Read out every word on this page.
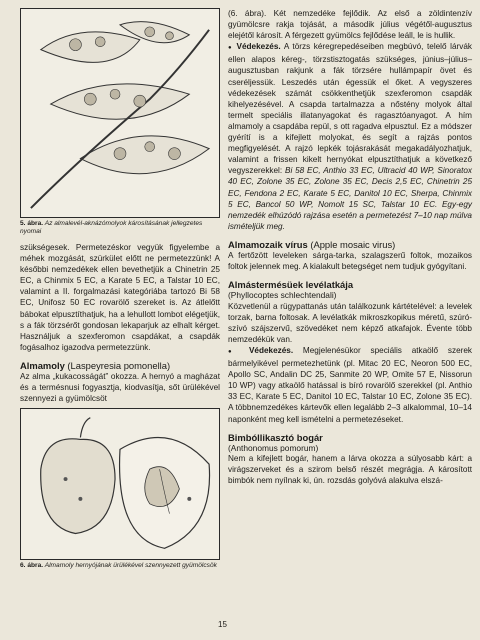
5. ábra. Az almalevél-aknázómolyok károsításának jellegzetes nyomai

szükségesek. Permetezéskor vegyük figyelembe a méhek mozgását, szürkület előtt ne permetezzünk! A későbbi nemzedékek ellen bevethetjük a Chinetrin 25 EC, a Chinmix 5 EC, a Karate 5 EC, a Talstar 10 EC, valamint a II. forgalmazási kategóriába tartozó Bi 58 EC, Unifosz 50 EC rovarölő szereket is. Az átlelőtt bábokat elpusztíthatjuk, ha a lehullott lombot elégetjük, s a fák törzsérőt gondosan lekaparjuk az elhalt kérget. Használjuk a szexferomon csapdákat, a csapdák fogásalhoz igazodva permetezzünk.

Almamoly (Laspeyresia pomonella)

Az alma „kukacosságát” okozza. A hernyó a magházat és a termésnusi fogyasztja, kiodvasítja, sőt ürülékével szennyezi a gyümölcsöt

6. ábra. Almamoly hernyójának ürülékével szennyezett gyümölcsök

(6. ábra). Két nemzedéke fejlődik. Az első a zöldintenzív gyümölcsre rakja tojását, a második július végétől-augusztus elejétől károsít. A férgezett gyümölcs fejlődése leáll, le is hullik.

● Védekezés. A törzs kéregrepedéseiben megbúvó, telelő lárvák ellen alapos kéreg-, törzstisztogatás szükséges, június–július–augusztusban rakjunk a fák törzsére hullámpapír övet és cseréljessük. Leszedés után égessük el őket. A vegyszeres védekezések számát csökkenthetjük szexferomon csapdák kihelyezésével. A csapda tartalmazza a nőstény molyok által termelt speciális illatanyagokat és ragasztóanyagot. A hím almamoly a csapdába repül, s ott ragadva elpusztul. Ez a módszer gyérítí is a kifejlett molyokat, és segít a rajzás pontos megfigyelését. A rajzó lepkék tojásrakását megakadályozhatjuk, valamint a frissen kikelt hernyókat elpusztíthatjuk a következő vegyszerekkel: Bi 58 EC, Anthio 33 EC, Ultracid 40 WP, Sinoratox 40 EC, Zolone 35 EC, Zolone 35 EC, Decis 2,5 EC, Chinetrin 25 EC, Fendona 2 EC, Karate 5 EC, Danitol 10 EC, Sherpa, Chinmix 5 EC, Bancol 50 WP, Nomolt 15 SC, Talstar 10 EC. Egy-egy nemzedék elhúzódó rajzása esetén a permetezést 7–10 nap múlva ismételjük meg.

Almamozaik vírus (Apple mosaic virus)

A fertőzött leveleken sárga-tarka, szalagszerű foltok, mozaikos foltok jelennek meg. A kialakult betegséget nem tudjuk gyógyítani.

Almástermésüek levélatkája

(Phyllocoptes schlechtendali)

Közvetlenül a rügypattanás után találkozunk kártételével: a levelek torzak, barna foltosak. A levélatkák mikroszkopikus méretű, szúró-szívó szájszervű, szövedéket nem képző atkafajok. Évente több nemzedékük van.

● Védekezés. Megjelenésükor speciális atkaölő szerek bármelyikével permetezhetünk (pl. Mitac 20 EC, Neoron 500 EC, Apollo SC, Andalin DC 25, Sanmite 20 WP, Omite 57 E, Nissorun 10 WP) vagy atkaölő hatással is bíró rovarölő szerekkel (pl. Anthio 33 EC, Karate 5 EC, Danitol 10 EC, Talstar 10 EC, Zolone 35 EC). A többnemzedékes kártevők ellen legalább 2–3 alkalommal, 10–14 naponként meg kell ismételni a permetezéseket.

Bimbóllikasztó bogár

(Anthonomus pomorum)

Nem a kifejlett bogár, hanem a lárva okozza a súlyosabb kárt: a virágszerveket és a szirom belső részét megrágja. A károsított bimbók nem nyílnak ki, ún. rozsdás golyóvá alakulva elszá-

15
